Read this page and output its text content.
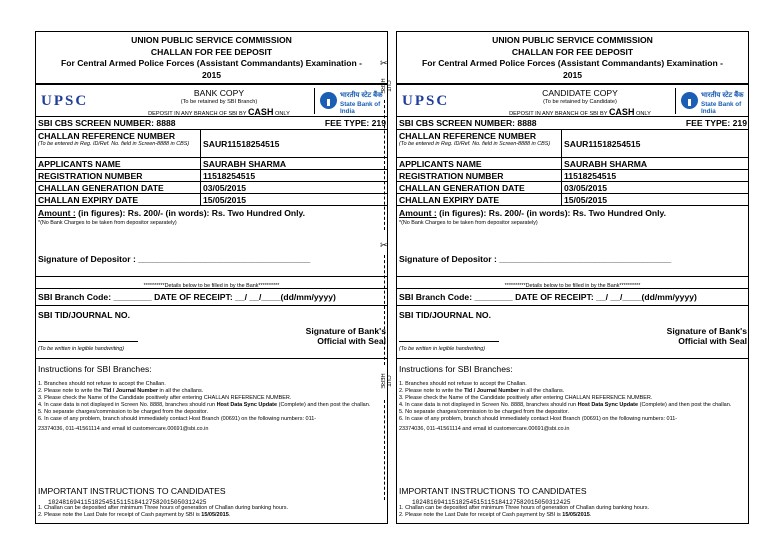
UNION PUBLIC SERVICE COMMISSION
CHALLAN FOR FEE DEPOSIT
For Central Armed Police Forces (Assistant Commandants) Examination -
2015
UPSC	BANK COPY
(To be retained by SBI Branch)
DEPOSIT IN ANY BRANCH OF SBI BY CASH ONLY
भारतीय स्टेट बैंक
State Bank of India
SBI CBS SCREEN NUMBER: 8888	FEE TYPE: 219
CHALLAN REFERENCE NUMBER
(To be entered in Reg. ID/Ref. No. field in Screen-8888 in CBS)	SAUR11518254515
APPLICANTS NAME	SAURABH SHARMA
REGISTRATION NUMBER	11518254515
CHALLAN GENERATION DATE	03/05/2015
CHALLAN EXPIRY DATE	15/05/2015
Amount : (in figures): Rs. 200/- (in words): Rs. Two Hundred Only.
*(No Bank Charges to be taken from depositor separately)
Signature of Depositor : ____________________________________
$_{**********Details below to be filled in by the Bank**********}$
SBI Branch Code: ________ DATE OF RECEIPT: __/ __/____(dd/mm/yyyy)
SBI TID/JOURNAL NO.
(To be written in legible handwriting)
Signature of Bank's
Official with Seal
Instructions for SBI Branches:
1. Branches should not refuse to accept the Challan.
2. Please note to write the Tid / Journal Number in all the challans.
3. Please check the Name of the Candidate positively after entering CHALLAN REFERENCE NUMBER.
4. In case data is not displayed in Screen No. 8888, branches should run Host Data Sync Update (Complete) and then post the challan.
5. No separate charges/commission to be charged from the depositor.
6. In case of any problem, branch should immediately contact Host Branch (00691) on the following numbers: 011-
23374036, 011-41561114 and email id customercare.00691@sbi.co.in
IMPORTANT INSTRUCTIONS TO CANDIDATES
1. Challan can be deposited after minimum Three hours of generation of Challan during banking hours.
2. Please note the Last Date for receipt of Cash payment by SBI is 15/05/2015.
UNION PUBLIC SERVICE COMMISSION
CHALLAN FOR FEE DEPOSIT
For Central Armed Police Forces (Assistant Commandants) Examination -
2015
UPSC	CANDIDATE COPY
(To be retained by Candidate)
DEPOSIT IN ANY BRANCH OF SBI BY CASH ONLY
भारतीय स्टेट बैंक
State Bank of India
SBI CBS SCREEN NUMBER: 8888	FEE TYPE: 219
CHALLAN REFERENCE NUMBER
(To be entered in Reg. ID/Ref. No. field in Screen-8888 in CBS)	SAUR11518254515
APPLICANTS NAME	SAURABH SHARMA
REGISTRATION NUMBER	11518254515
CHALLAN GENERATION DATE	03/05/2015
CHALLAN EXPIRY DATE	15/05/2015
Amount : (in figures): Rs. 200/- (in words): Rs. Two Hundred Only.
*(No Bank Charges to be taken from depositor separately)
Signature of Depositor : ____________________________________
$_{**********Details below to be filled in by the Bank**********}$
SBI Branch Code: ________ DATE OF RECEIPT: __/ __/____(dd/mm/yyyy)
SBI TID/JOURNAL NO.
(To be written in legible handwriting)
Signature of Bank's
Official with Seal
Instructions for SBI Branches:
1. Branches should not refuse to accept the Challan.
2. Please note to write the Tid / Journal Number in all the challans.
3. Please check the Name of the Candidate positively after entering CHALLAN REFERENCE NUMBER.
4. In case data is not displayed in Screen No. 8888, branches should run Host Data Sync Update (Complete) and then post the challan.
5. No separate charges/commission to be charged from the depositor.
6. In case of any problem, branch should immediately contact Host Branch (00691) on the following numbers: 011-
23374036, 011-41561114 and email id customercare.00691@sbi.co.in
IMPORTANT INSTRUCTIONS TO CANDIDATES
1. Challan can be deposited after minimum Three hours of generation of Challan during banking hours.
2. Please note the Last Date for receipt of Cash payment by SBI is 15/05/2015.
10248169411518254515115184127582015050312425	10248169411518254515115184127582015050312425
✂
CUT HERE
✂
CUT HERE
